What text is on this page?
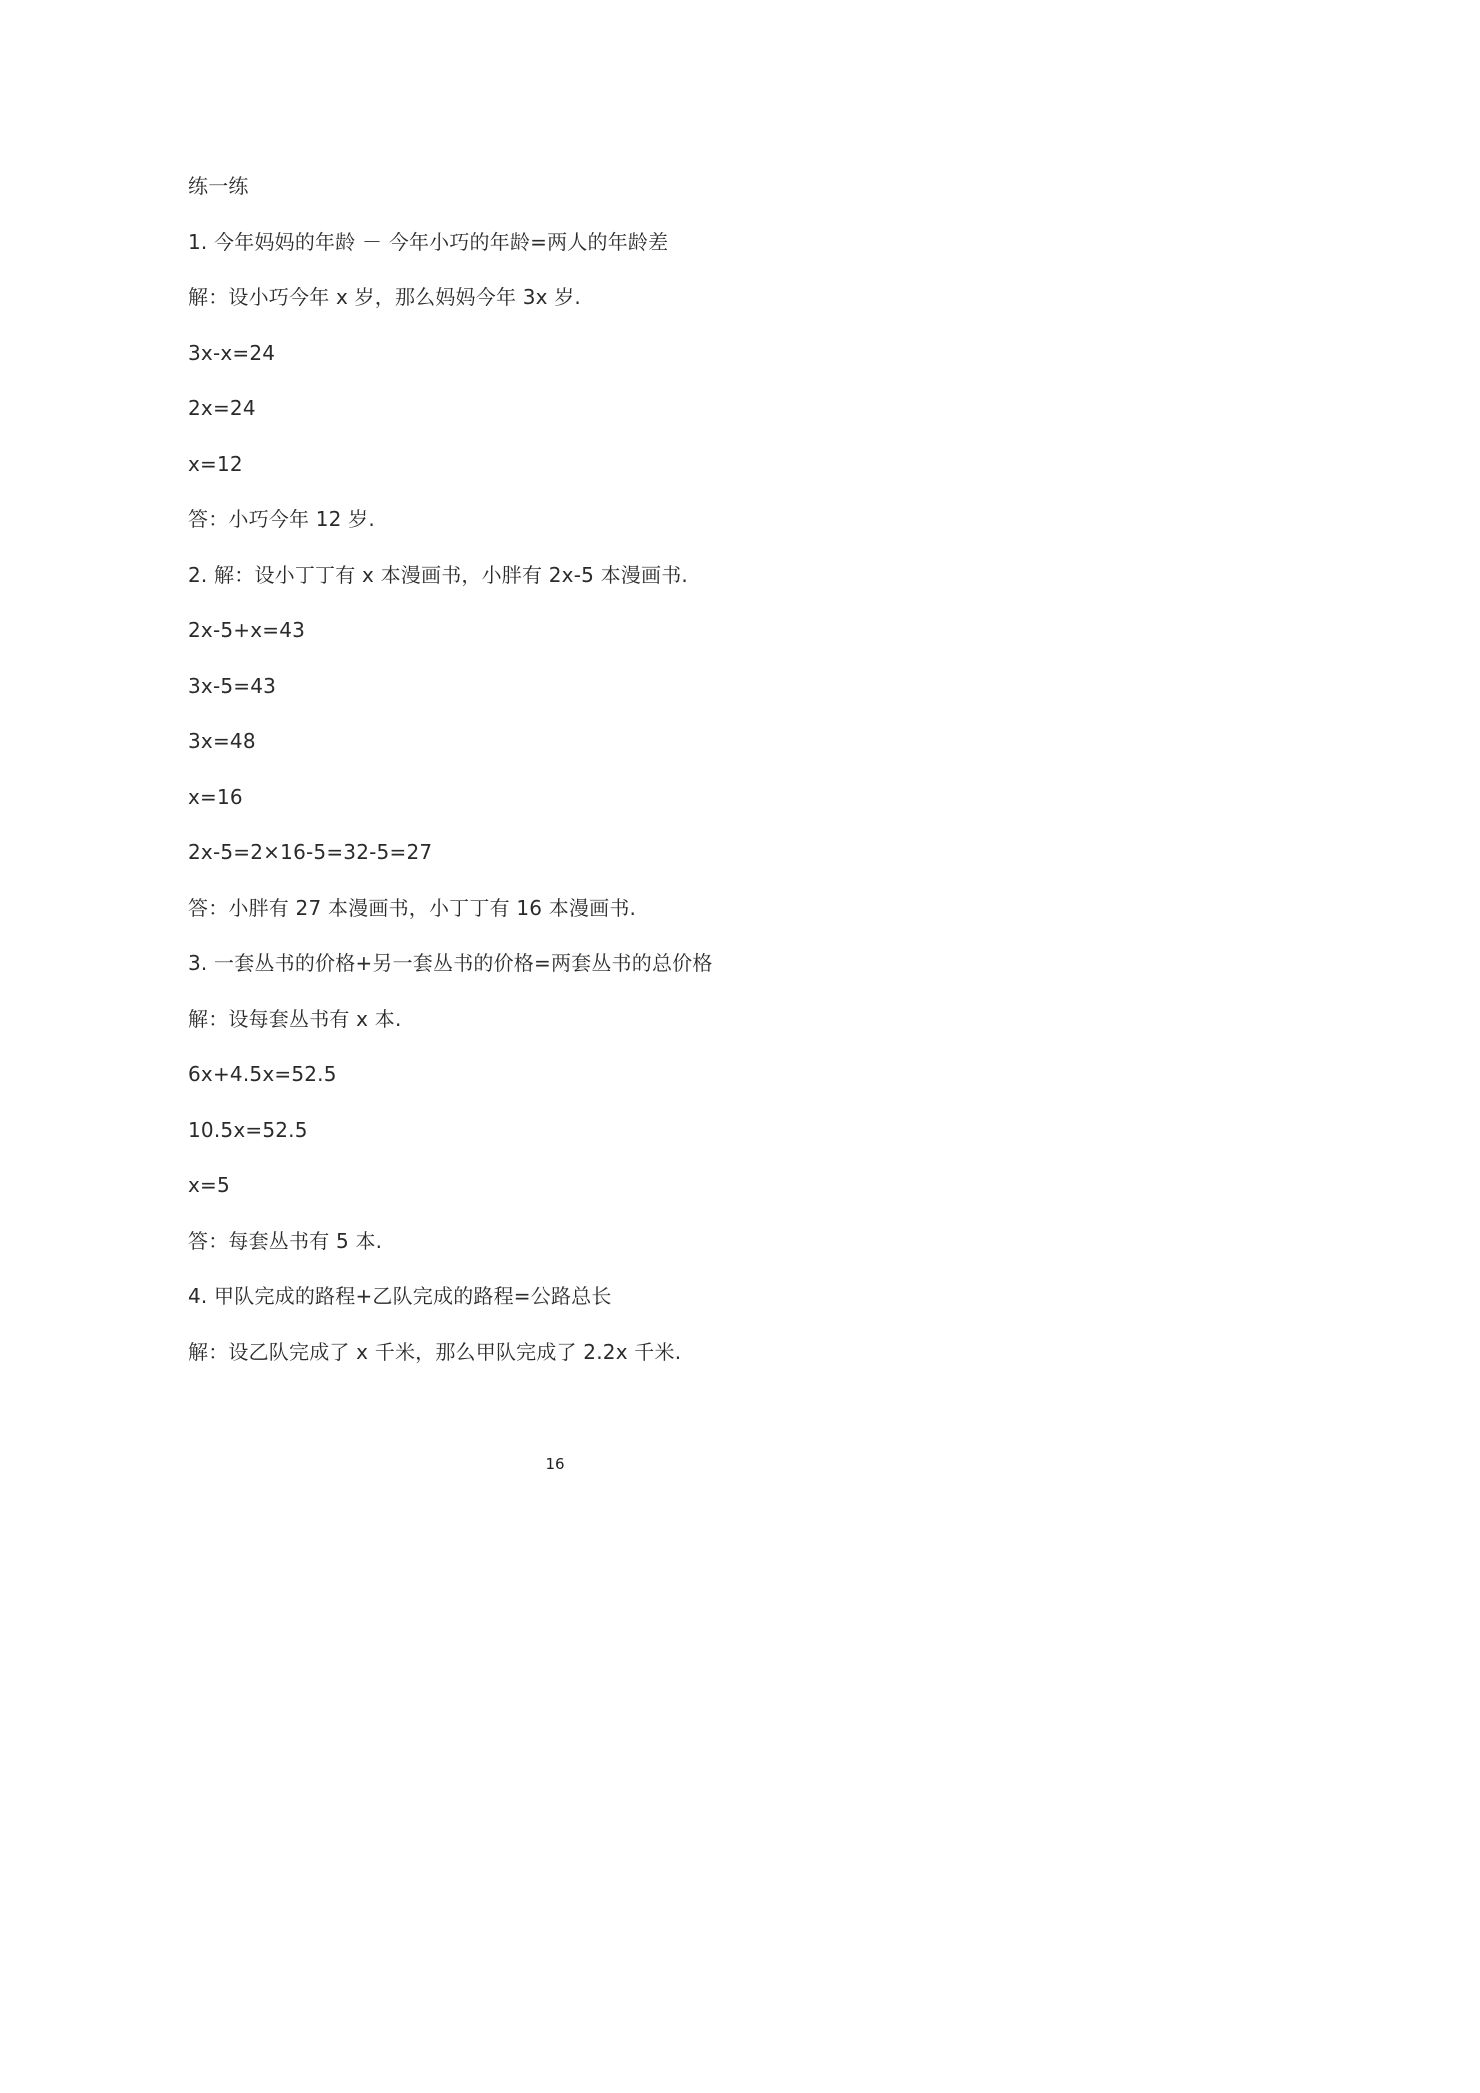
练一练
1. 今年妈妈的年龄 － 今年小巧的年龄=两人的年龄差
解：设小巧今年 x 岁，那么妈妈今年 3x 岁.
3x-x=24
2x=24
x=12
答：小巧今年 12 岁.
2. 解：设小丁丁有 x 本漫画书，小胖有 2x-5 本漫画书.
2x-5+x=43
3x-5=43
3x=48
x=16
2x-5=2×16-5=32-5=27
答：小胖有 27 本漫画书，小丁丁有 16 本漫画书.
3. 一套丛书的价格+另一套丛书的价格=两套丛书的总价格
解：设每套丛书有 x 本.
6x+4.5x=52.5
10.5x=52.5
x=5
答：每套丛书有 5 本.
4. 甲队完成的路程+乙队完成的路程=公路总长
解：设乙队完成了 x 千米，那么甲队完成了 2.2x 千米.
16
